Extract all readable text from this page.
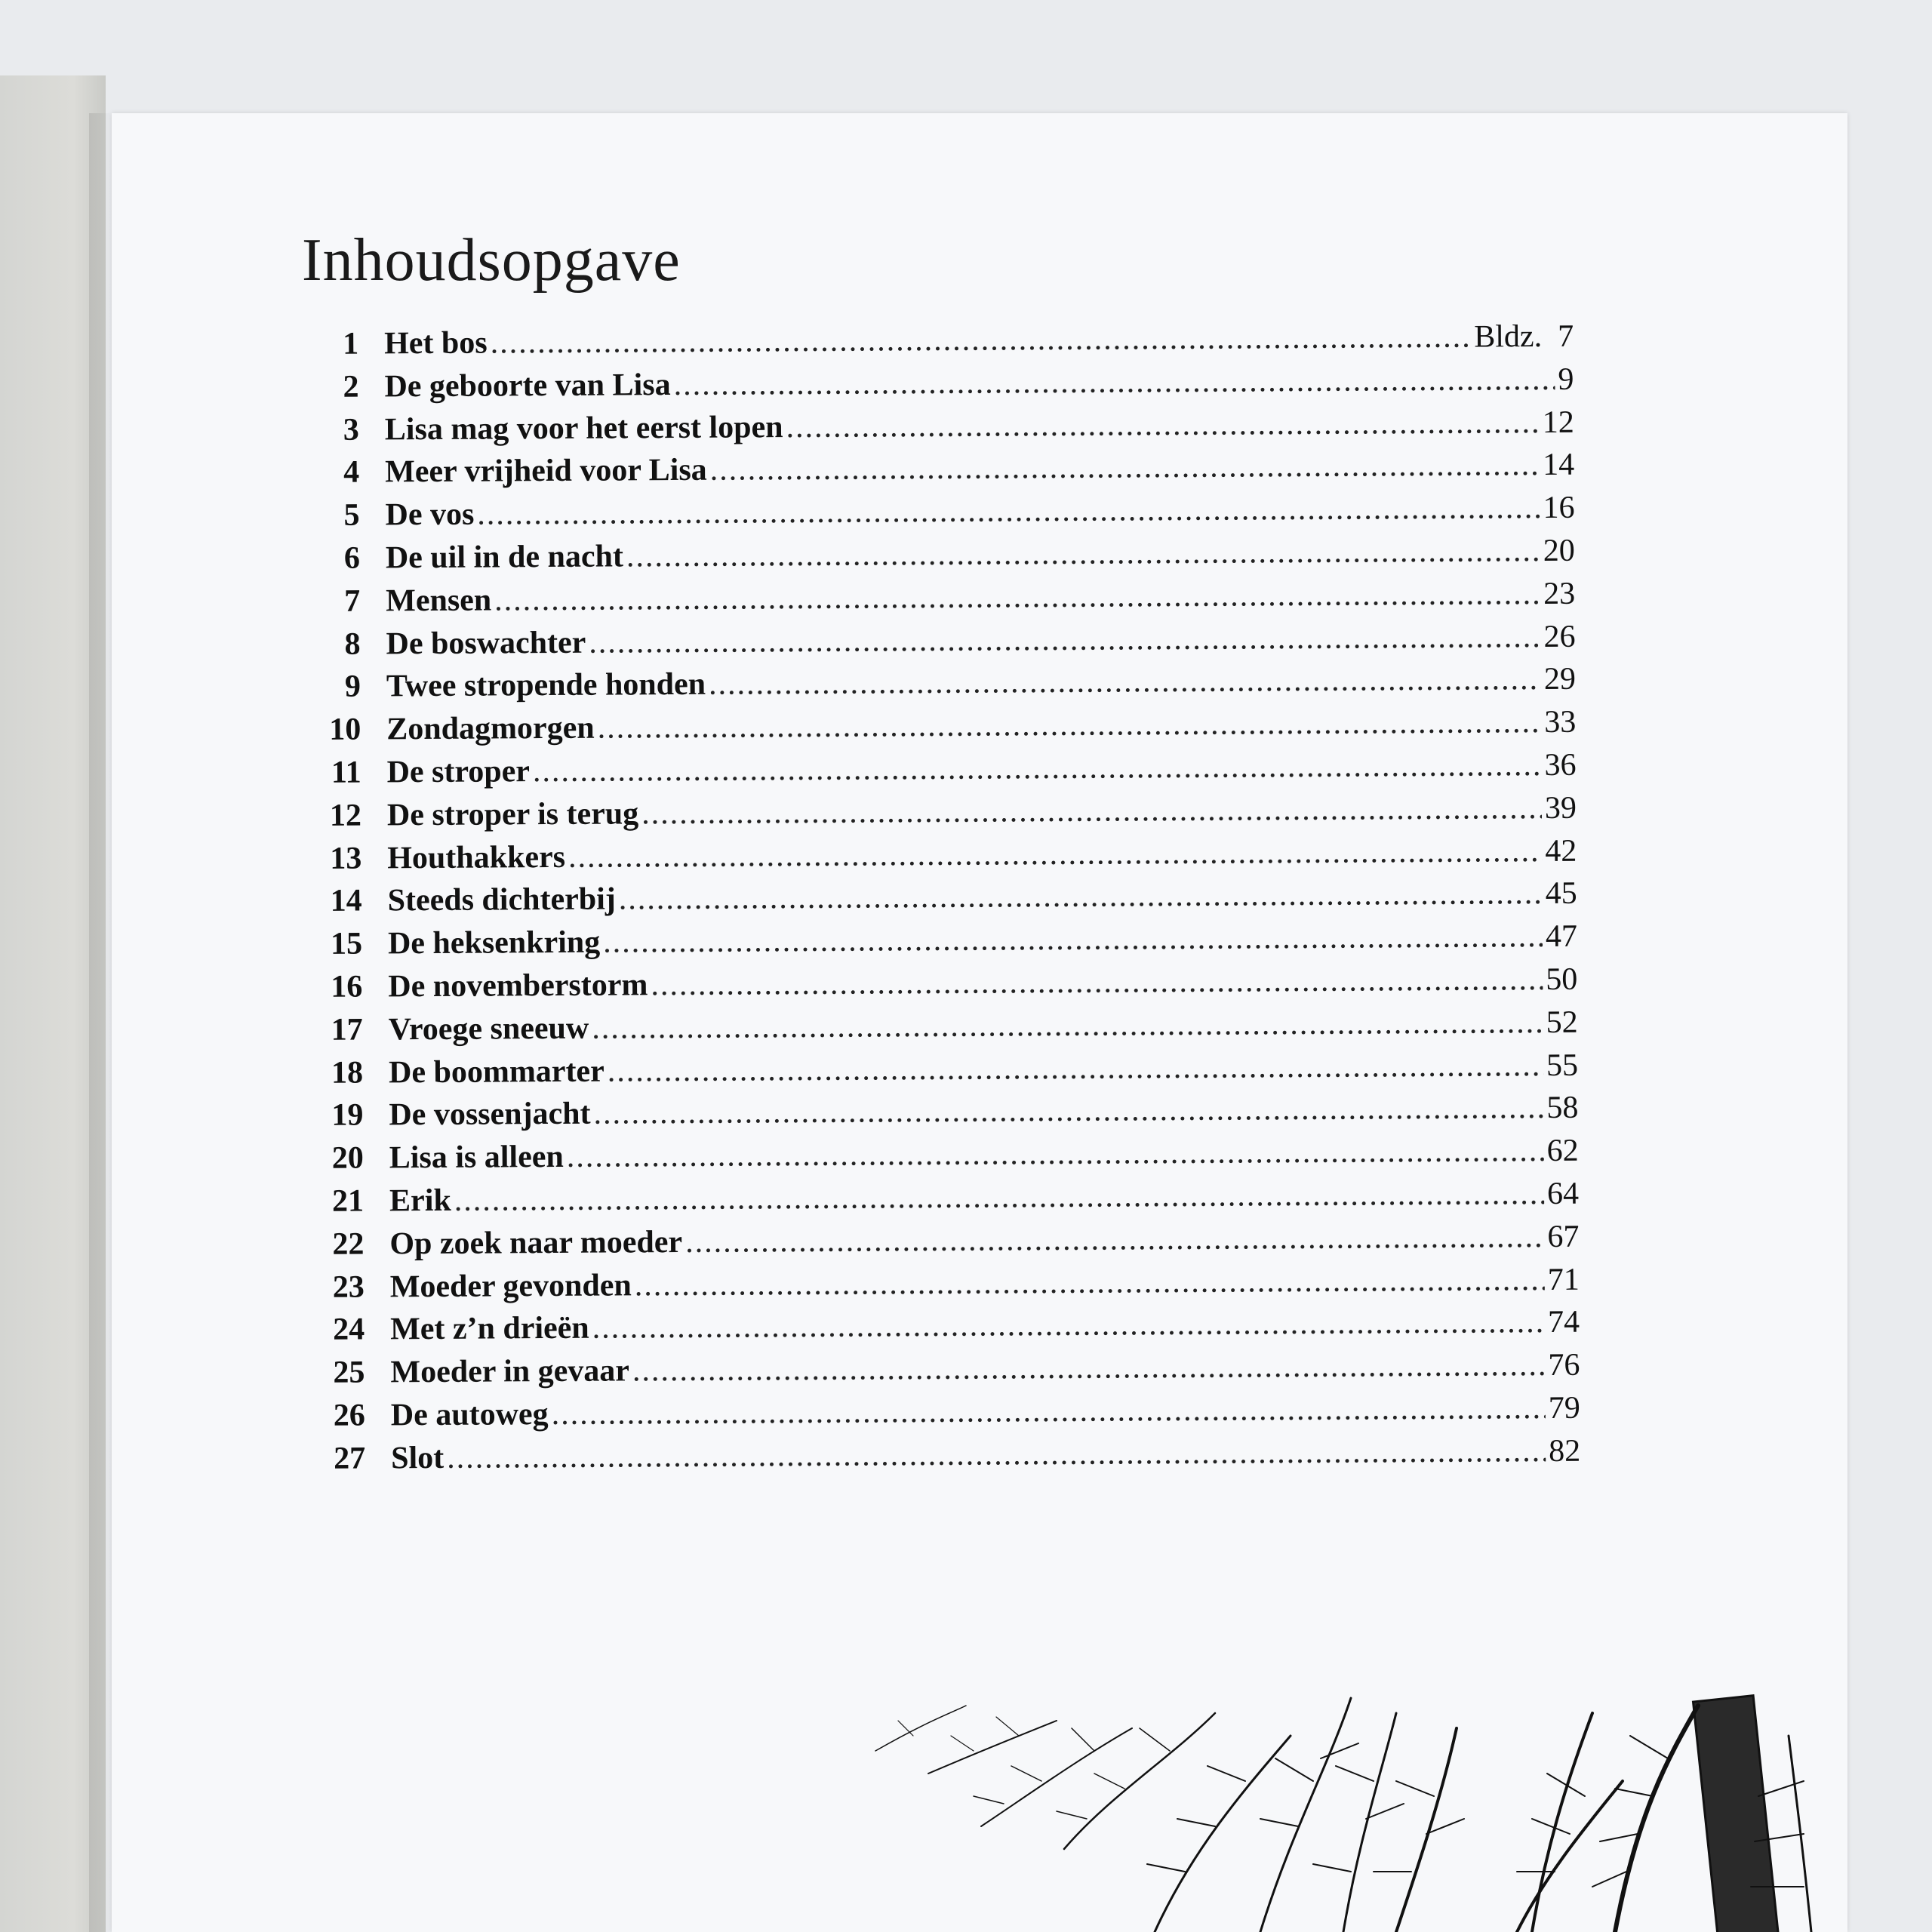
Inhoudsopgave
1 Het bos .....	Bldz.  7
2 De geboorte van Lisa .....	9
3 Lisa mag voor het eerst lopen .....	12
4 Meer vrijheid voor Lisa .....	14
5 De vos .....	16
6 De uil in de nacht .....	20
7 Mensen .....	23
8 De boswachter .....	26
9 Twee stropende honden .....	29
10 Zondagmorgen .....	33
11 De stroper .....	36
12 De stroper is terug .....	39
13 Houthakkers .....	42
14 Steeds dichterbij .....	45
15 De heksenkring .....	47
16 De novemberstorm .....	50
17 Vroege sneeuw .....	52
18 De boommarter .....	55
19 De vossenjacht .....	58
20 Lisa is alleen .....	62
21 Erik .....	64
22 Op zoek naar moeder .....	67
23 Moeder gevonden .....	71
24 Met z’n drieën .....	74
25 Moeder in gevaar .....	76
26 De autoweg .....	79
27 Slot .....	82
